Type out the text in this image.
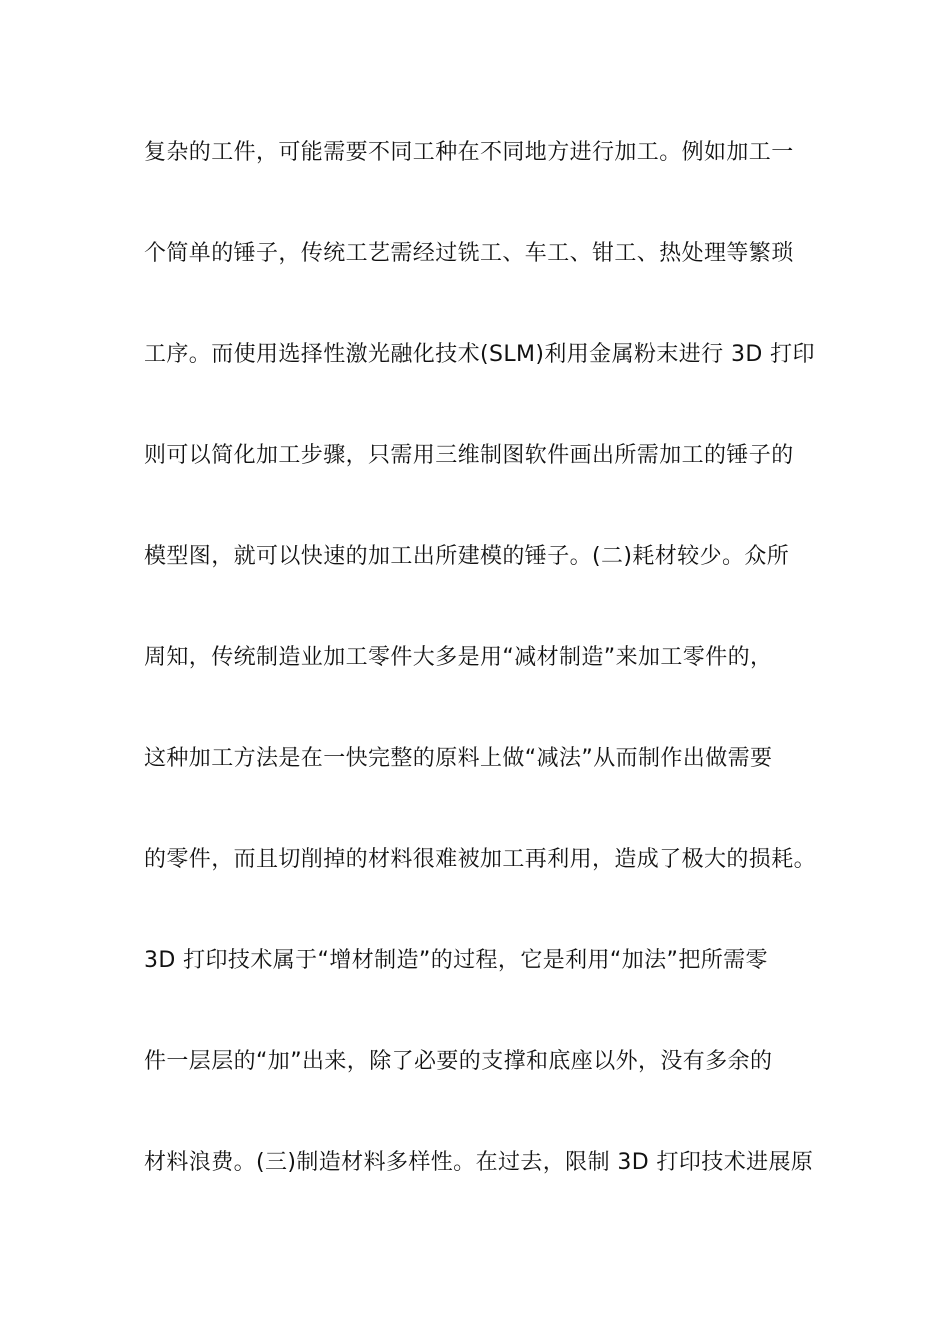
复杂的工件，可能需要不同工种在不同地方进行加工。例如加工一
个简单的锤子，传统工艺需经过铣工、车工、钳工、热处理等繁琐
工序。而使用选择性激光融化技术(SLM)利用金属粉末进行 3D 打印
则可以简化加工步骤，只需用三维制图软件画出所需加工的锤子的
模型图，就可以快速的加工出所建模的锤子。(二)耗材较少。众所
周知，传统制造业加工零件大多是用“减材制造”来加工零件的，
这种加工方法是在一快完整的原料上做“减法”从而制作出做需要
的零件，而且切削掉的材料很难被加工再利用，造成了极大的损耗。
3D 打印技术属于“增材制造”的过程，它是利用“加法”把所需零
件一层层的“加”出来，除了必要的支撑和底座以外，没有多余的
材料浪费。(三)制造材料多样性。在过去，限制 3D 打印技术进展原
